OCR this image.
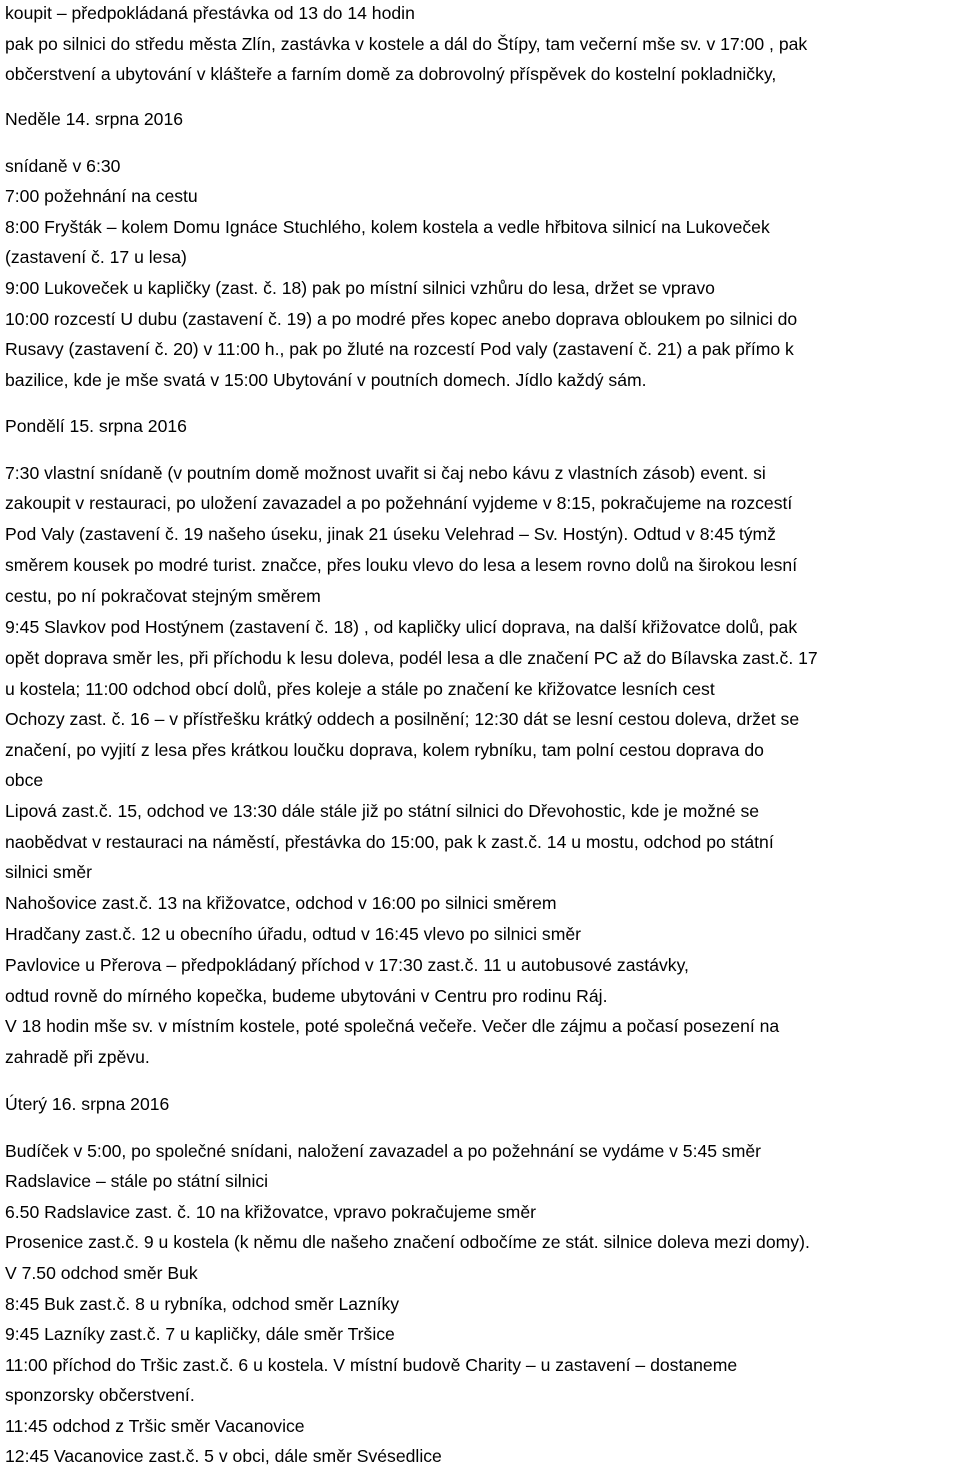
koupit – předpokládaná přestávka od 13 do 14 hodin
pak po silnici do středu města Zlín, zastávka v kostele a dál do Štípy, tam večerní mše sv. v 17:00 , pak
občerstvení a ubytování v klášteře a farním domě za dobrovolný příspěvek do kostelní pokladničky,
Neděle 14. srpna 2016
snídaně v 6:30
7:00 požehnání na cestu
8:00 Fryšták – kolem Domu Ignáce Stuchlého, kolem kostela a vedle hřbitova silnicí na Lukoveček
(zastavení č. 17 u lesa)
9:00 Lukoveček u kapličky (zast. č. 18) pak po místní silnici vzhůru do lesa, držet se vpravo
10:00 rozcestí U dubu (zastavení č. 19) a po modré přes kopec anebo doprava obloukem po silnici do
Rusavy (zastavení č. 20) v 11:00 h., pak po žluté na rozcestí Pod valy (zastavení č. 21) a pak přímo k
bazilice, kde je mše svatá v 15:00 Ubytování v poutních domech. Jídlo každý sám.
Pondělí 15. srpna 2016
7:30 vlastní snídaně (v poutním domě možnost uvařit si čaj nebo kávu z vlastních zásob) event. si
zakoupit v restauraci, po uložení zavazadel a po požehnání vyjdeme v 8:15, pokračujeme na rozcestí
Pod Valy (zastavení č. 19 našeho úseku, jinak 21 úseku Velehrad – Sv. Hostýn). Odtud v 8:45 týmž
směrem kousek po modré turist. značce, přes louku vlevo do lesa a lesem rovno dolů na širokou lesní
cestu, po ní pokračovat stejným směrem
9:45 Slavkov pod Hostýnem (zastavení č. 18) , od kapličky ulicí doprava, na další křižovatce dolů, pak
opět doprava směr les, při příchodu k lesu doleva, podél lesa a dle značení PC až do Bílavska zast.č. 17
u kostela; 11:00 odchod obcí dolů, přes koleje a stále po značení ke křižovatce lesních cest
Ochozy zast. č. 16 – v přístřešku krátký oddech a posilnění; 12:30 dát se lesní cestou doleva, držet se
značení, po vyjití z lesa přes krátkou loučku doprava, kolem rybníku, tam polní cestou doprava do
obce
Lipová zast.č. 15, odchod ve 13:30 dále stále již po státní silnici do Dřevohostic, kde je možné se
naobědvat v restauraci na náměstí, přestávka do 15:00, pak k zast.č. 14 u mostu, odchod po státní
silnici směr
Nahošovice zast.č. 13 na křižovatce, odchod v 16:00 po silnici směrem
Hradčany zast.č. 12 u obecního úřadu, odtud v 16:45 vlevo po silnici směr
Pavlovice u Přerova – předpokládaný příchod v 17:30 zast.č. 11 u autobusové zastávky,
odtud rovně do mírného kopečka, budeme ubytováni v Centru pro rodinu Ráj.
V 18 hodin mše sv. v místním kostele, poté společná večeře. Večer dle zájmu a počasí posezení na
zahradě při zpěvu.
Úterý 16. srpna 2016
Budíček v 5:00, po společné snídani, naložení zavazadel a po požehnání se vydáme v 5:45 směr
Radslavice – stále po státní silnici
6.50 Radslavice zast. č. 10 na křižovatce, vpravo pokračujeme směr
Prosenice zast.č. 9 u kostela (k němu dle našeho značení odbočíme ze stát. silnice doleva mezi domy).
V 7.50 odchod směr Buk
8:45 Buk zast.č. 8 u rybníka, odchod směr Lazníky
9:45 Lazníky zast.č. 7 u kapličky, dále směr Tršice
11:00 příchod do Tršic zast.č. 6 u kostela. V místní budově Charity – u zastavení – dostaneme
sponzorsky občerstvení.
11:45 odchod z Tršic směr Vacanovice
12:45 Vacanovice zast.č. 5 v obci, dále směr Svésedlice
